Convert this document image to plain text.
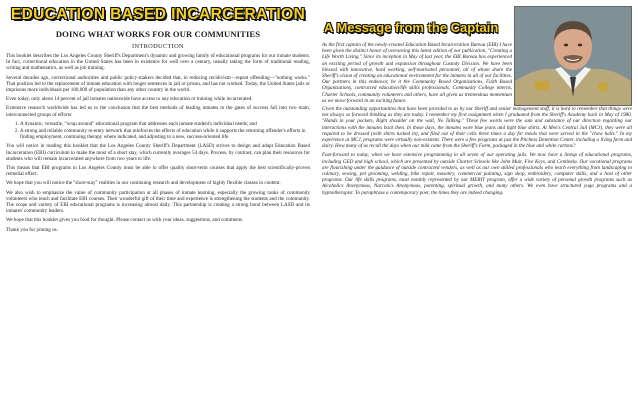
EDUCATION BASED INCARCERATION
DOING WHAT WORKS FOR OUR COMMUNITIES
INTRODUCTION

This booklet describes the Los Angeles County Sheriff's Department's dynamic and growing family of educational programs for our inmate students. In fact, correctional education in the United States has been in existence for well over a century, usually taking the form of traditional reading, writing and mathematics, as well as job training.

Several decades ago, correctional authorities and public policy-makers decided that, in reducing recidivism—repeat offending—"nothing works." That position led to the replacement of inmate education with longer sentences in jail or prison, and has not worked. Today, the United States jails or imprisons more individuals per 100,000 of population than any other country in the world.

Even today, only about 14 percent of jail inmates nationwide have access to any education or training while incarcerated.

Extensive research worldwide has led us to the conclusion that the best methods of leading inmates to the gates of success fall into two main, interconnected groups of efforts:

1. A dynamic, versatile, "wrap around" educational program that addresses each inmate student's individual needs; and
2. A strong and reliable community re-entry network that reinforces the effects of education while it supports the returning offender's efforts in finding employment, continuing therapy where indicated, and adjusting to a new, success-oriented life.

You will notice in reading this booklet that the Los Angeles County Sheriff's Department (LASD) strives to design and adapt Education Based Incarceration (EBI) curriculum to make the most of a short stay, which currently averages 54 days. Process, by contrast, can plan their resources for students who will remain incarcerated anywhere from two years to life.

This means that EBI programs in Los Angeles County must be able to offer quality short-term courses that apply the best scientifically-proven remedial effect.

We hope that you will notice the "short-stay" realities in our continuing research and development of highly flexible classes in content.

We also wish to emphasize the value of community participation at all phases of inmate learning, especially the growing ranks of community volunteers who teach and facilitate EBI courses. Their wonderful gift of their time and experience is strengthening the students and the community. The scope and variety of EBI educational programs is increasing almost daily. This partnership is creating a strong bond between LASD and its inmates' community leaders.

We hope that this booklet gives you food for thought. Please contact us with your ideas, suggestions, and comments.

Thank you for joining us.

A Message from the Captain

As the first captain of the newly-created Education Based Incarceration Bureau (EBI) I have been given the distinct honor of overseeing this latest edition of our publication, "Creating a Life Worth Living." Since its inception in May of last year, the EBI Bureau has experienced an exciting period of growth and expansion throughout Custody Division. We have been blessed with innovative, hard working, self-motivated personnel, all of whom share the Sheriff's vision of creating an educational environment for the inmates in all of our facilities. Our partners in this endeavor, be it the Community Based Organizations, Faith Based Organizations, contracted education/life skills professionals, Community College interns, Charter Schools, community volunteers and others, have all given us tremendous momentum as we move forward in an exciting future.

Given the outstanding opportunities that have been provided to us by our Sheriff and senior management staff, it is hard to remember that things were not always so forward thinking as they are today. I remember my first assignment when I graduated from the Sheriff's Academy back in May of 1980. "Hands in your pockets, Right shoulder on the wall, No Talking." These few words were the sum and substance of our direction regarding our interactions with the inmates back then. In those days, the inmates wore blue jeans and light blue shirts. At Men's Central Jail (MCJ), they were all required to be dressed (with shirts tucked in), and filed out of their cells three times a day for meals that were served in the "chow halls." In my experience at MCJ, programs were virtually non-existent. There were a few programs at just the Pitchess Detention Center, including a living farm and dairy. How many of us recall the days when our milk came from the Sheriff's Farm, packaged in the blue and white cartons?

Fast-forward to today, when we have extensive programming in all seven of our operating jails. We now have a lineup of educational programs, including GED and high school, which are presented by outside Charter Schools like John Muir, Five Keys, and Centinela. Our vocational programs are flourishing under the guidance of outside contracted vendors, as well as our own skilled professionals who teach everything from landscaping to culinary, sewing, pet grooming, welding, bike repair, masonry, commercial painting, sign shop, embroidery, computer skills, and a host of other programs. Our life skills programs, most notably represented by our MERIT program, offer a wide variety of personal growth programs such as Alcoholics Anonymous, Narcotics Anonymous, parenting, spiritual growth, and many others. We even have structured yoga programs and a hypnotherapist. To paraphrase a contemporary poet, the times they are indeed changing.
